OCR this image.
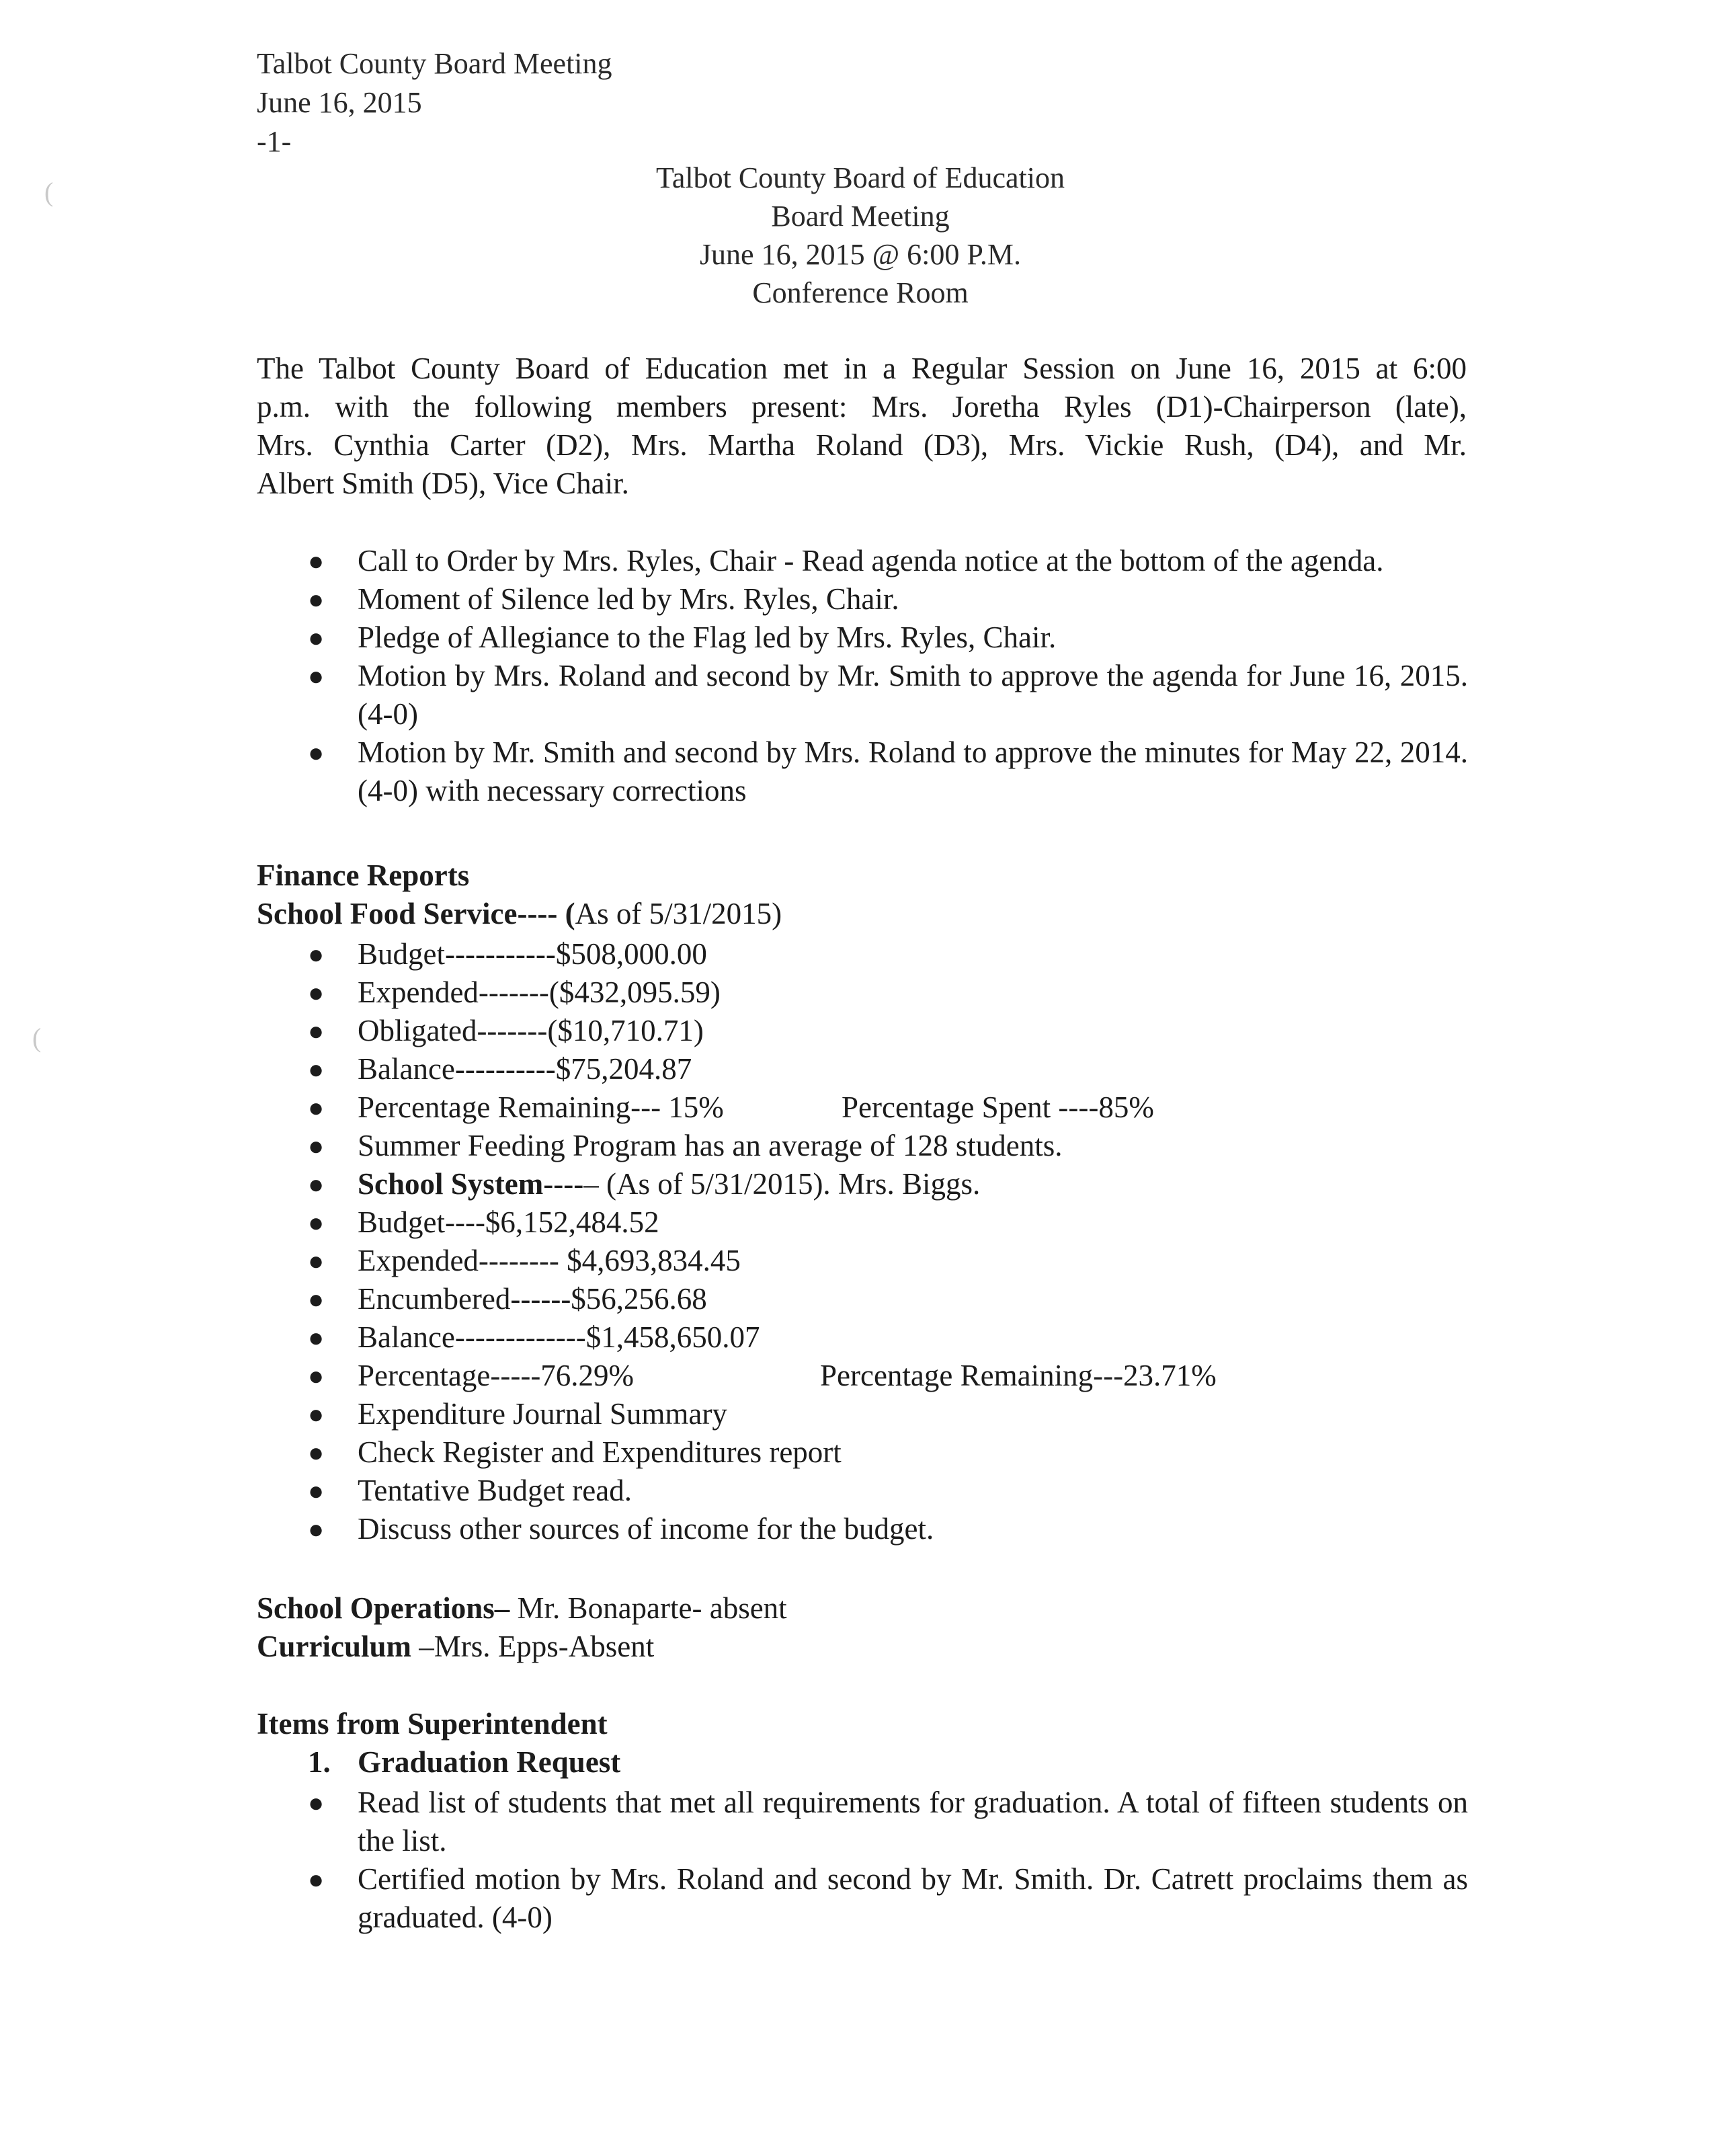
Talbot County Board Meeting
June 16, 2015
-1-
Talbot County Board of Education
Board Meeting
June 16, 2015 @ 6:00 P.M.
Conference Room
The Talbot County Board of Education met in a Regular Session on June 16, 2015 at 6:00
p.m. with the following members present: Mrs. Joretha Ryles (D1)-Chairperson (late),
Mrs. Cynthia Carter (D2), Mrs. Martha Roland (D3), Mrs. Vickie Rush, (D4), and Mr.
Albert Smith (D5), Vice Chair.
● Call to Order by Mrs. Ryles, Chair - Read agenda notice at the bottom of the agenda.
● Moment of Silence led by Mrs. Ryles, Chair.
● Pledge of Allegiance to the Flag led by Mrs. Ryles, Chair.
● Motion by Mrs. Roland and second by Mr. Smith to approve the agenda for June 16, 2015.(4-0)
● Motion by Mr. Smith and second by Mrs. Roland to approve the minutes for May 22, 2014. (4-0) with necessary corrections
Finance Reports
School Food Service---- (As of 5/31/2015)
● Budget-----------$508,000.00
● Expended-------($432,095.59)
● Obligated-------($10,710.71)
● Balance----------$75,204.87
● Percentage Remaining--- 15%	Percentage Spent ----85%
● Summer Feeding Program has an average of 128 students.
● School System----– (As of 5/31/2015). Mrs. Biggs.
● Budget----$6,152,484.52
● Expended-------- $4,693,834.45
● Encumbered------$56,256.68
● Balance-------------$1,458,650.07
● Percentage-----76.29%	Percentage Remaining---23.71%
● Expenditure Journal Summary
● Check Register and Expenditures report
● Tentative Budget read.
● Discuss other sources of income for the budget.
School Operations– Mr. Bonaparte- absent
Curriculum –Mrs. Epps-Absent
Items from Superintendent
1. Graduation Request
● Read list of students that met all requirements for graduation. A total of fifteen students on the list.
● Certified motion by Mrs. Roland and second by Mr. Smith. Dr. Catrett proclaims them as graduated. (4-0)
(
(
